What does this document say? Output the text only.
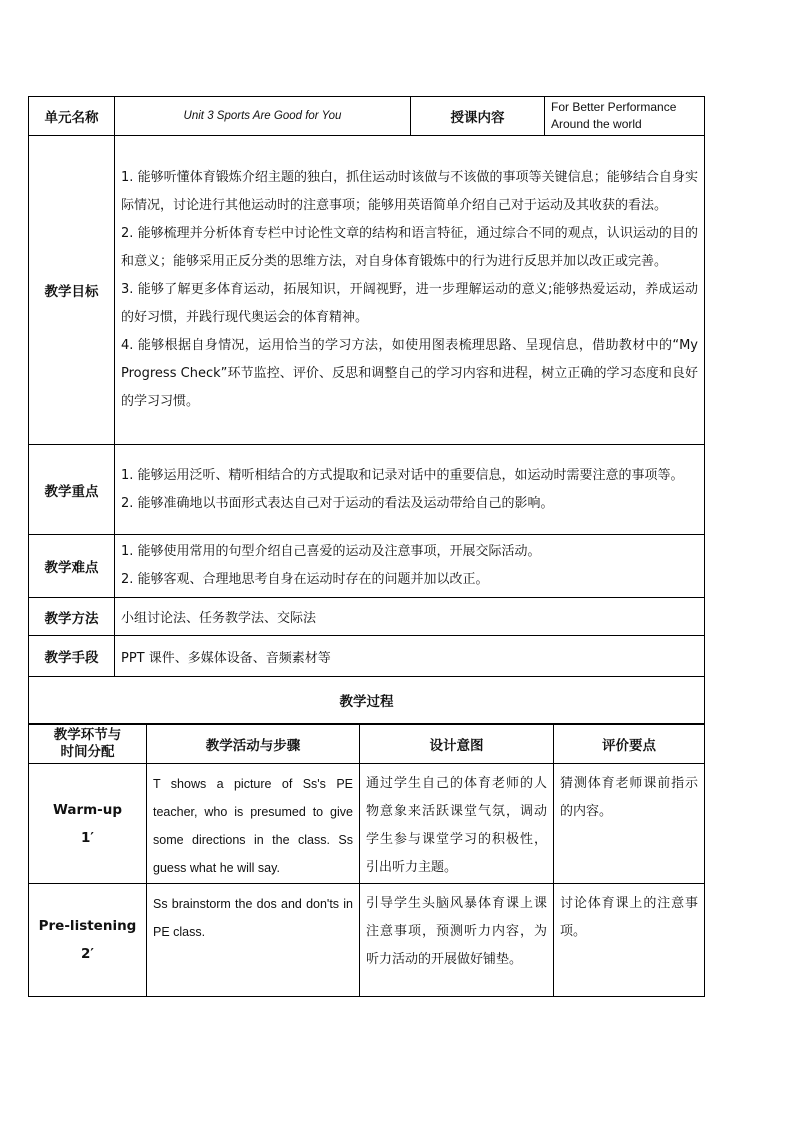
单元名称	Unit 3 Sports Are Good for You	授课内容	For Better Performance
Around the world

教学目标	1. 能够听懂体育锻炼介绍主题的独白，抓住运动时该做与不该做的事项等关键信息；能够结合自身实际情况，讨论进行其他运动时的注意事项；能够用英语简单介绍自己对于运动及其收获的看法。

2. 能够梳理并分析体育专栏中讨论性文章的结构和语言特征，通过综合不同的观点，认识运动的目的和意义；能够采用正反分类的思维方法，对自身体育锻炼中的行为进行反思并加以改正或完善。

3. 能够了解更多体育运动，拓展知识，开阔视野，进一步理解运动的意义;能够热爱运动，养成运动的好习惯，并践行现代奥运会的体育精神。

4. 能够根据自身情况，运用恰当的学习方法，如使用图表梳理思路、呈现信息，借助教材中的“My Progress Check”环节监控、评价、反思和调整自己的学习内容和进程，树立正确的学习态度和良好的学习习惯。		

教学重点	1. 能够运用泛听、精听相结合的方式提取和记录对话中的重要信息，如运动时需要注意的事项等。

2. 能够准确地以书面形式表达自己对于运动的看法及运动带给自己的影响。		

教学难点	1. 能够使用常用的句型介绍自己喜爱的运动及注意事项，开展交际活动。

2. 能够客观、合理地思考自身在运动时存在的问题并加以改正。		

教学方法	小组讨论法、任务教学法、交际法		
教学手段	PPT 课件、多媒体设备、音频素材等		
教学过程			
教学环节与时间分配	教学活动与步骤	设计意图	评价要点

Warm-up
1′	T shows a picture of Ss's PE teacher, who is presumed to give some directions in the class. Ss guess what he will say.	通过学生自己的体育老师的人物意象来活跃课堂气氛，调动学生参与课堂学习的积极性，引出听力主题。	猜测体育老师课前指示的内容。

Pre-listening
2′	Ss brainstorm the dos and don'ts in PE class.	引导学生头脑风暴体育课上课注意事项，预测听力内容，为听力活动的开展做好铺垫。	讨论体育课上的注意事项。
